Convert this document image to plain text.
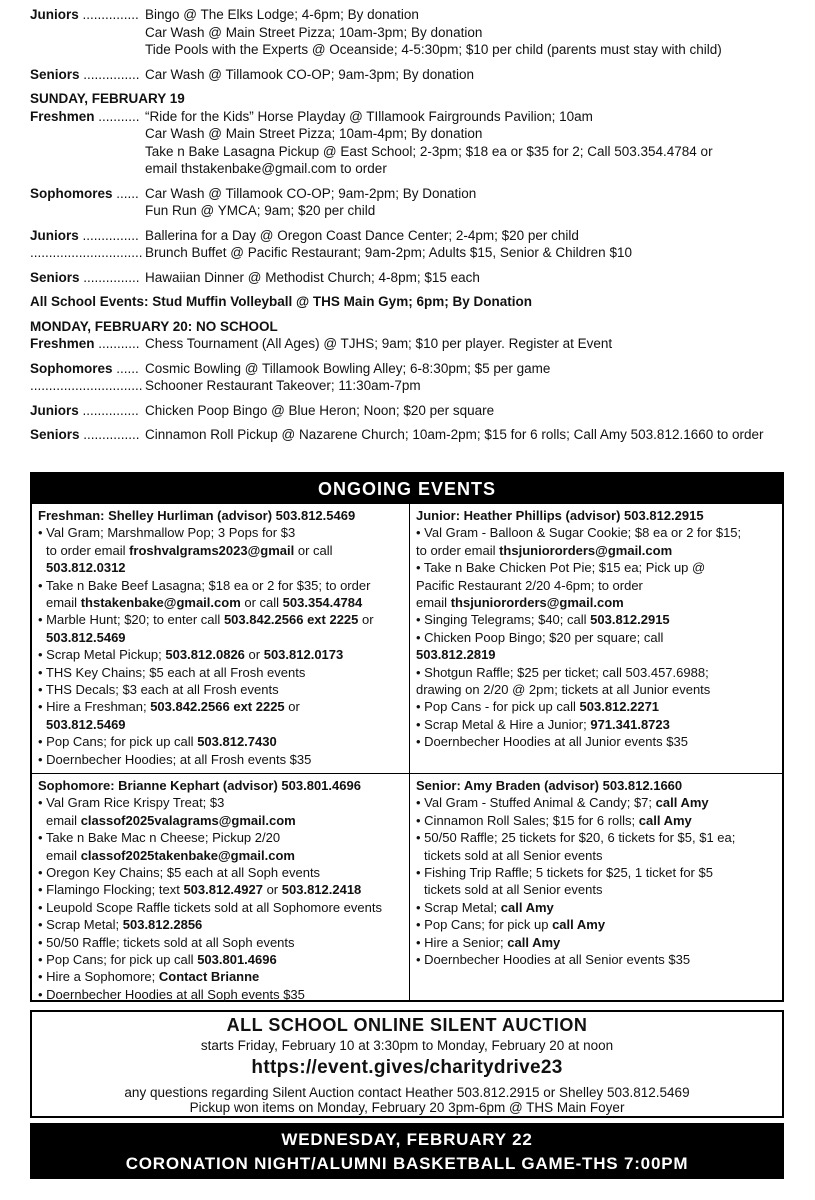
Juniors ............... Bingo @ The Elks Lodge; 4-6pm; By donation
Car Wash @ Main Street Pizza; 10am-3pm; By donation
Tide Pools with the Experts @ Oceanside; 4-5:30pm; $10 per child (parents must stay with child)
Seniors ............... Car Wash @ Tillamook CO-OP; 9am-3pm; By donation
SUNDAY, FEBRUARY 19
Freshmen ........... “Ride for the Kids” Horse Playday @ TIllamook Fairgrounds Pavilion; 10am
Car Wash @ Main Street Pizza; 10am-4pm; By donation
Take n Bake Lasagna Pickup @ East School; 2-3pm; $18 ea or $35 for 2; Call 503.354.4784 or
email thstakenbake@gmail.com to order
Sophomores ...... Car Wash @ Tillamook CO-OP; 9am-2pm; By Donation
Fun Run @ YMCA; 9am; $20 per child
Juniors ............... Ballerina for a Day @ Oregon Coast Dance Center; 2-4pm; $20 per child
.............................. Brunch Buffet @ Pacific Restaurant; 9am-2pm; Adults $15, Senior & Children $10
Seniors ............... Hawaiian Dinner @ Methodist Church; 4-8pm; $15 each
All School Events: Stud Muffin Volleyball @ THS Main Gym; 6pm; By Donation
MONDAY, FEBRUARY 20: NO SCHOOL
Freshmen ........... Chess Tournament (All Ages) @ TJHS; 9am; $10 per player. Register at Event
Sophomores ...... Cosmic Bowling @ Tillamook Bowling Alley; 6-8:30pm; $5 per game
.............................. Schooner Restaurant Takeover; 11:30am-7pm
Juniors ............... Chicken Poop Bingo @ Blue Heron; Noon; $20 per square
Seniors ............... Cinnamon Roll Pickup @ Nazarene Church; 10am-2pm; $15 for 6 rolls; Call Amy 503.812.1660 to order
ONGOING EVENTS
Freshman: Shelley Hurliman (advisor) 503.812.5469
• Val Gram; Marshmallow Pop; 3 Pops for $3
to order email froshvalgrams2023@gmail or call
503.812.0312
• Take n Bake Beef Lasagna; $18 ea or 2 for $35; to order
email thstakenbake@gmail.com or call 503.354.4784
• Marble Hunt; $20; to enter call 503.842.2566 ext 2225 or
503.812.5469
• Scrap Metal Pickup; 503.812.0826 or 503.812.0173
• THS Key Chains; $5 each at all Frosh events
• THS Decals; $3 each at all Frosh events
• Hire a Freshman; 503.842.2566 ext 2225 or
503.812.5469
• Pop Cans; for pick up call 503.812.7430
• Doernbecher Hoodies; at all Frosh events $35
Junior: Heather Phillips (advisor) 503.812.2915
• Val Gram - Balloon & Sugar Cookie; $8 ea or 2 for $15;
to order email thsjuniororders@gmail.com
• Take n Bake Chicken Pot Pie; $15 ea; Pick up @
Pacific Restaurant 2/20 4-6pm; to order
email thsjuniororders@gmail.com
• Singing Telegrams; $40; call 503.812.2915
• Chicken Poop Bingo; $20 per square; call
503.812.2819
• Shotgun Raffle; $25 per ticket; call 503.457.6988;
drawing on 2/20 @ 2pm; tickets at all Junior events
• Pop Cans - for pick up call 503.812.2271
• Scrap Metal & Hire a Junior; 971.341.8723
• Doernbecher Hoodies at all Junior events $35
Sophomore: Brianne Kephart (advisor) 503.801.4696
• Val Gram Rice Krispy Treat; $3
email classof2025valagrams@gmail.com
• Take n Bake Mac n Cheese; Pickup 2/20
email classof2025takenbake@gmail.com
• Oregon Key Chains; $5 each at all Soph events
• Flamingo Flocking; text 503.812.4927 or 503.812.2418
• Leupold Scope Raffle tickets sold at all Sophomore events
• Scrap Metal; 503.812.2856
• 50/50 Raffle; tickets sold at all Soph events
• Pop Cans; for pick up call 503.801.4696
• Hire a Sophomore; Contact Brianne
• Doernbecher Hoodies at all Soph events $35
Senior: Amy Braden (advisor) 503.812.1660
• Val Gram - Stuffed Animal & Candy; $7; call Amy
• Cinnamon Roll Sales; $15 for 6 rolls; call Amy
• 50/50 Raffle; 25 tickets for $20, 6 tickets for $5, $1 ea;
tickets sold at all Senior events
• Fishing Trip Raffle; 5 tickets for $25, 1 ticket for $5
tickets sold at all Senior events
• Scrap Metal; call Amy
• Pop Cans; for pick up call Amy
• Hire a Senior; call Amy
• Doernbecher Hoodies at all Senior events $35
ALL SCHOOL ONLINE SILENT AUCTION
starts Friday, February 10 at 3:30pm to Monday, February 20 at noon
https://event.gives/charitydrive23
any questions regarding Silent Auction contact Heather 503.812.2915 or Shelley 503.812.5469
Pickup won items on Monday, February 20 3pm-6pm @ THS Main Foyer
WEDNESDAY, FEBRUARY 22
CORONATION NIGHT/ALUMNI BASKETBALL GAME-THS 7:00PM
